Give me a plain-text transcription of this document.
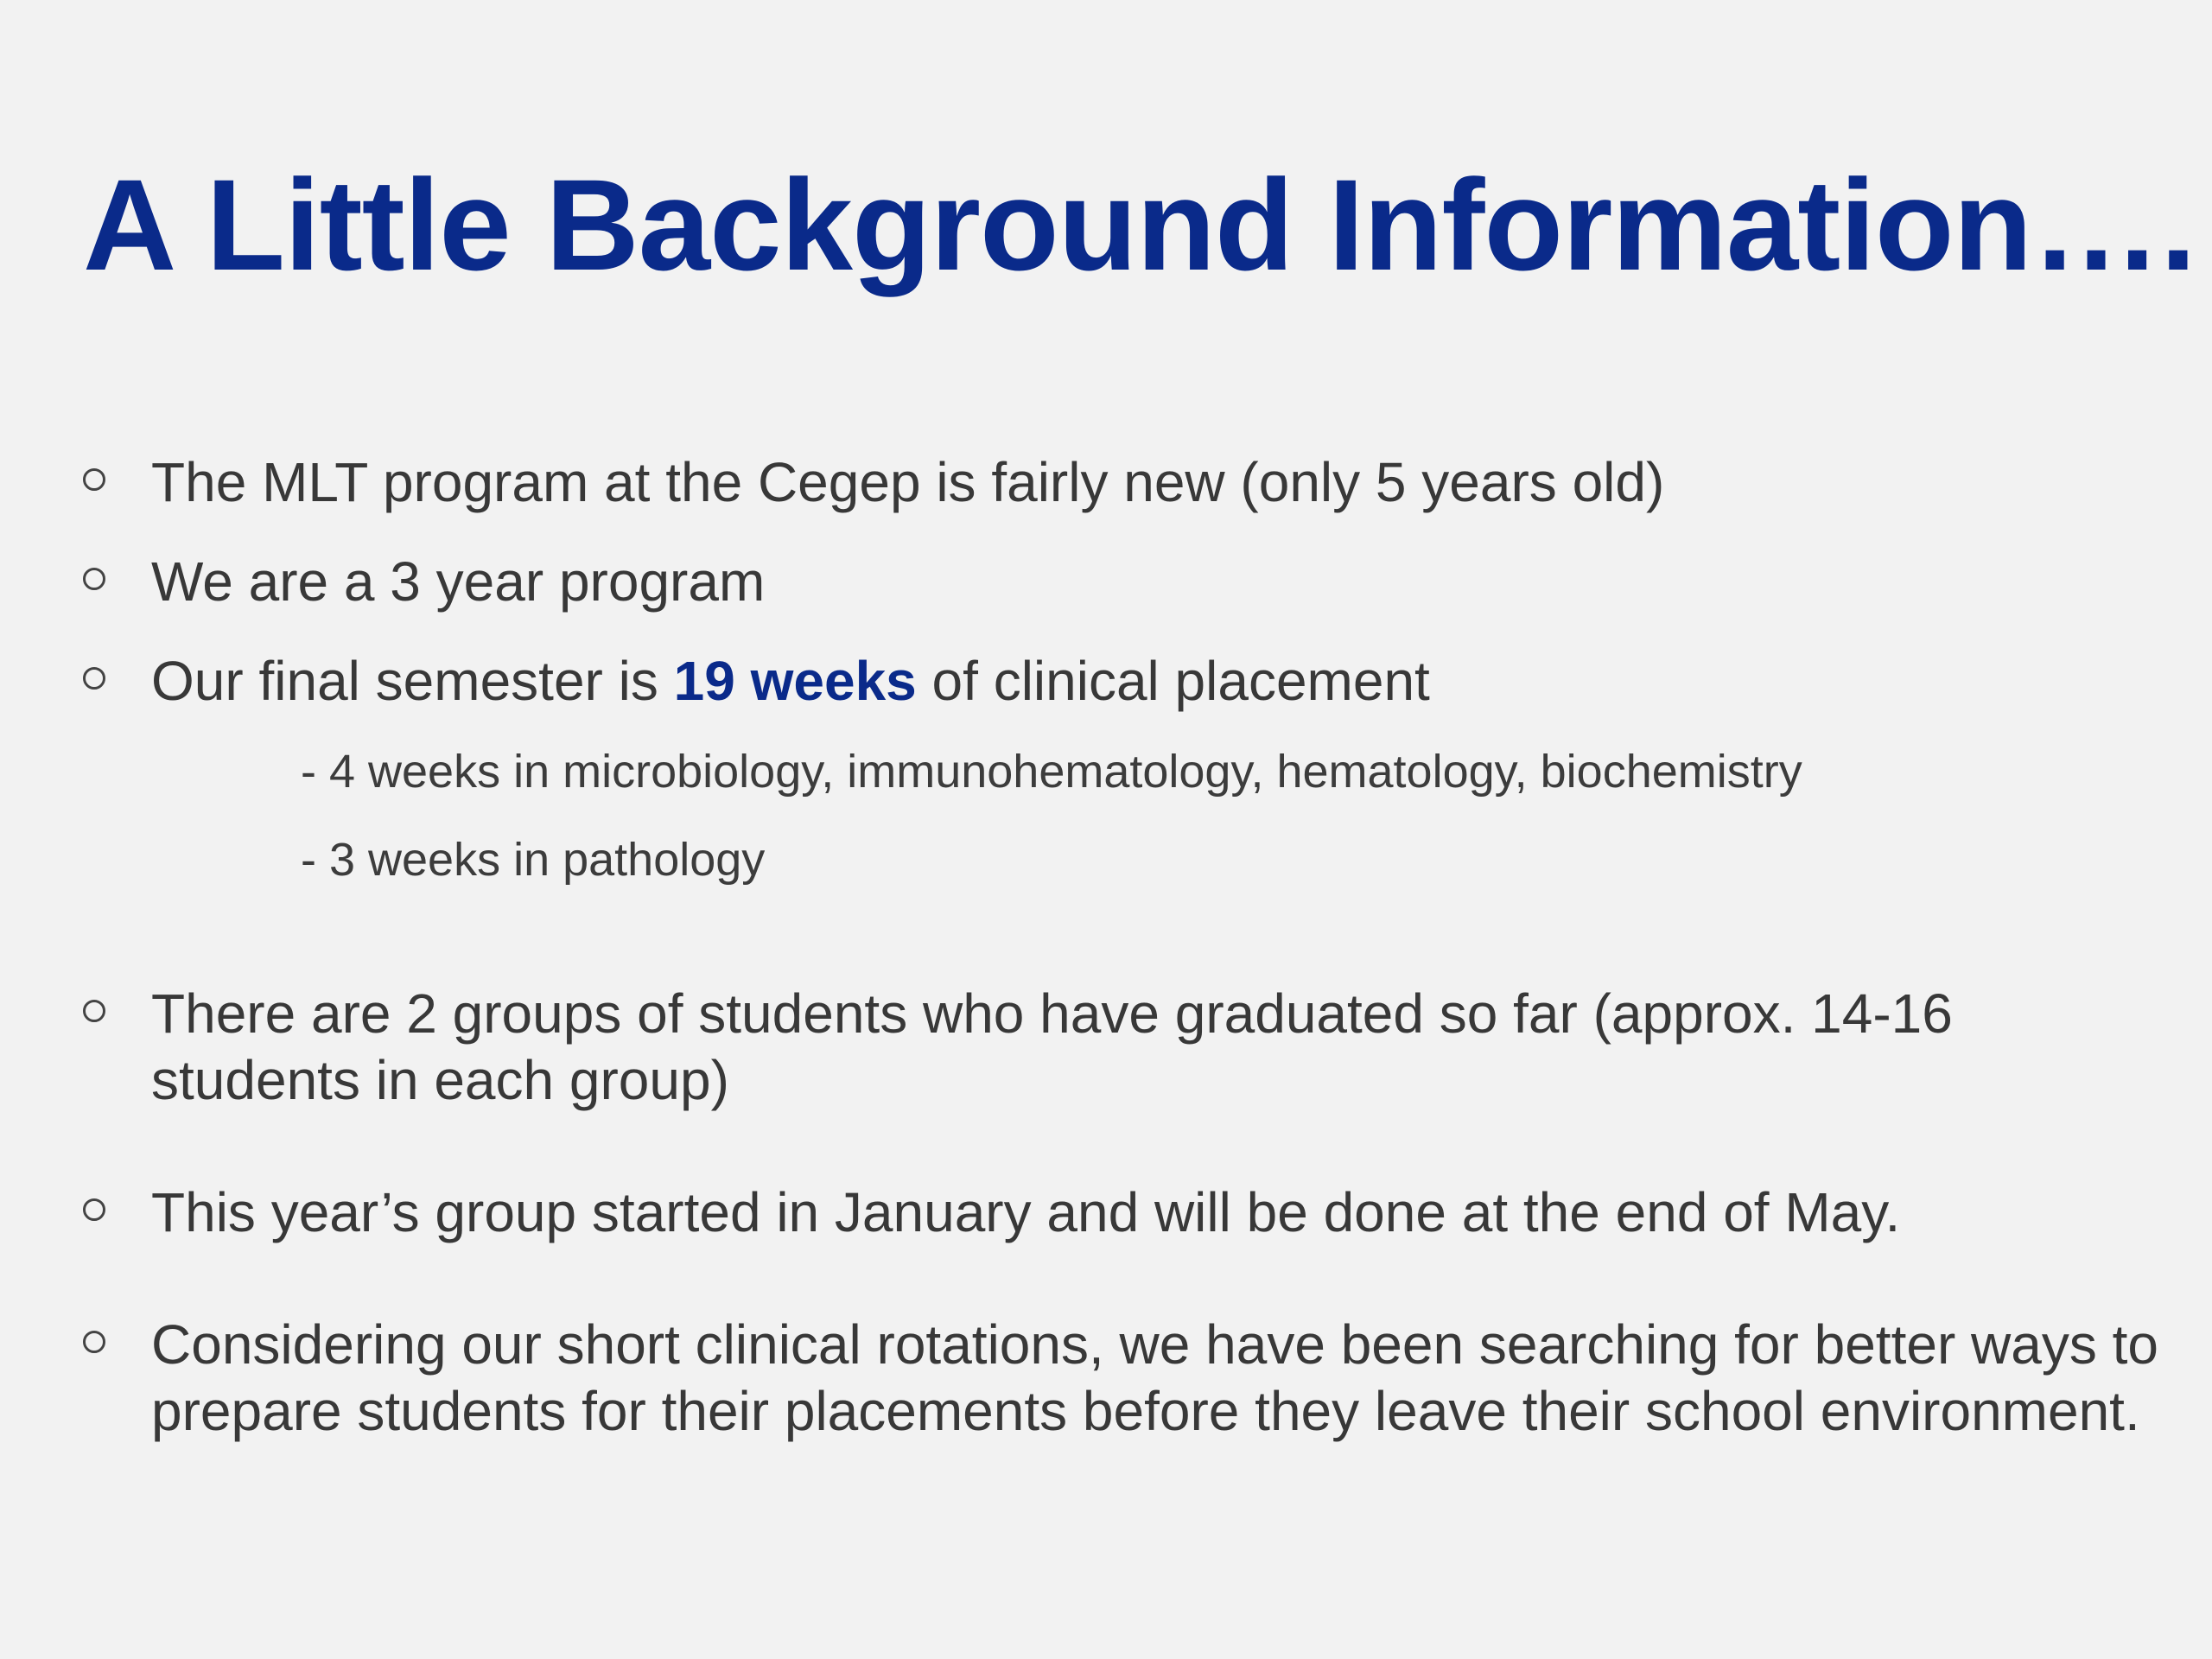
A Little Background Information….
The MLT program at the Cegep is fairly new (only 5 years old)
We are a 3 year program
Our final semester is 19 weeks of clinical placement
- 4 weeks in microbiology, immunohematology, hematology, biochemistry
- 3 weeks in pathology
There are 2 groups of students who have graduated so far (approx. 14-16 students in each group)
This year’s group started in January and will be done at the end of May.
Considering our short clinical rotations, we have been searching for better ways to prepare students for their placements before they leave their school environment.
